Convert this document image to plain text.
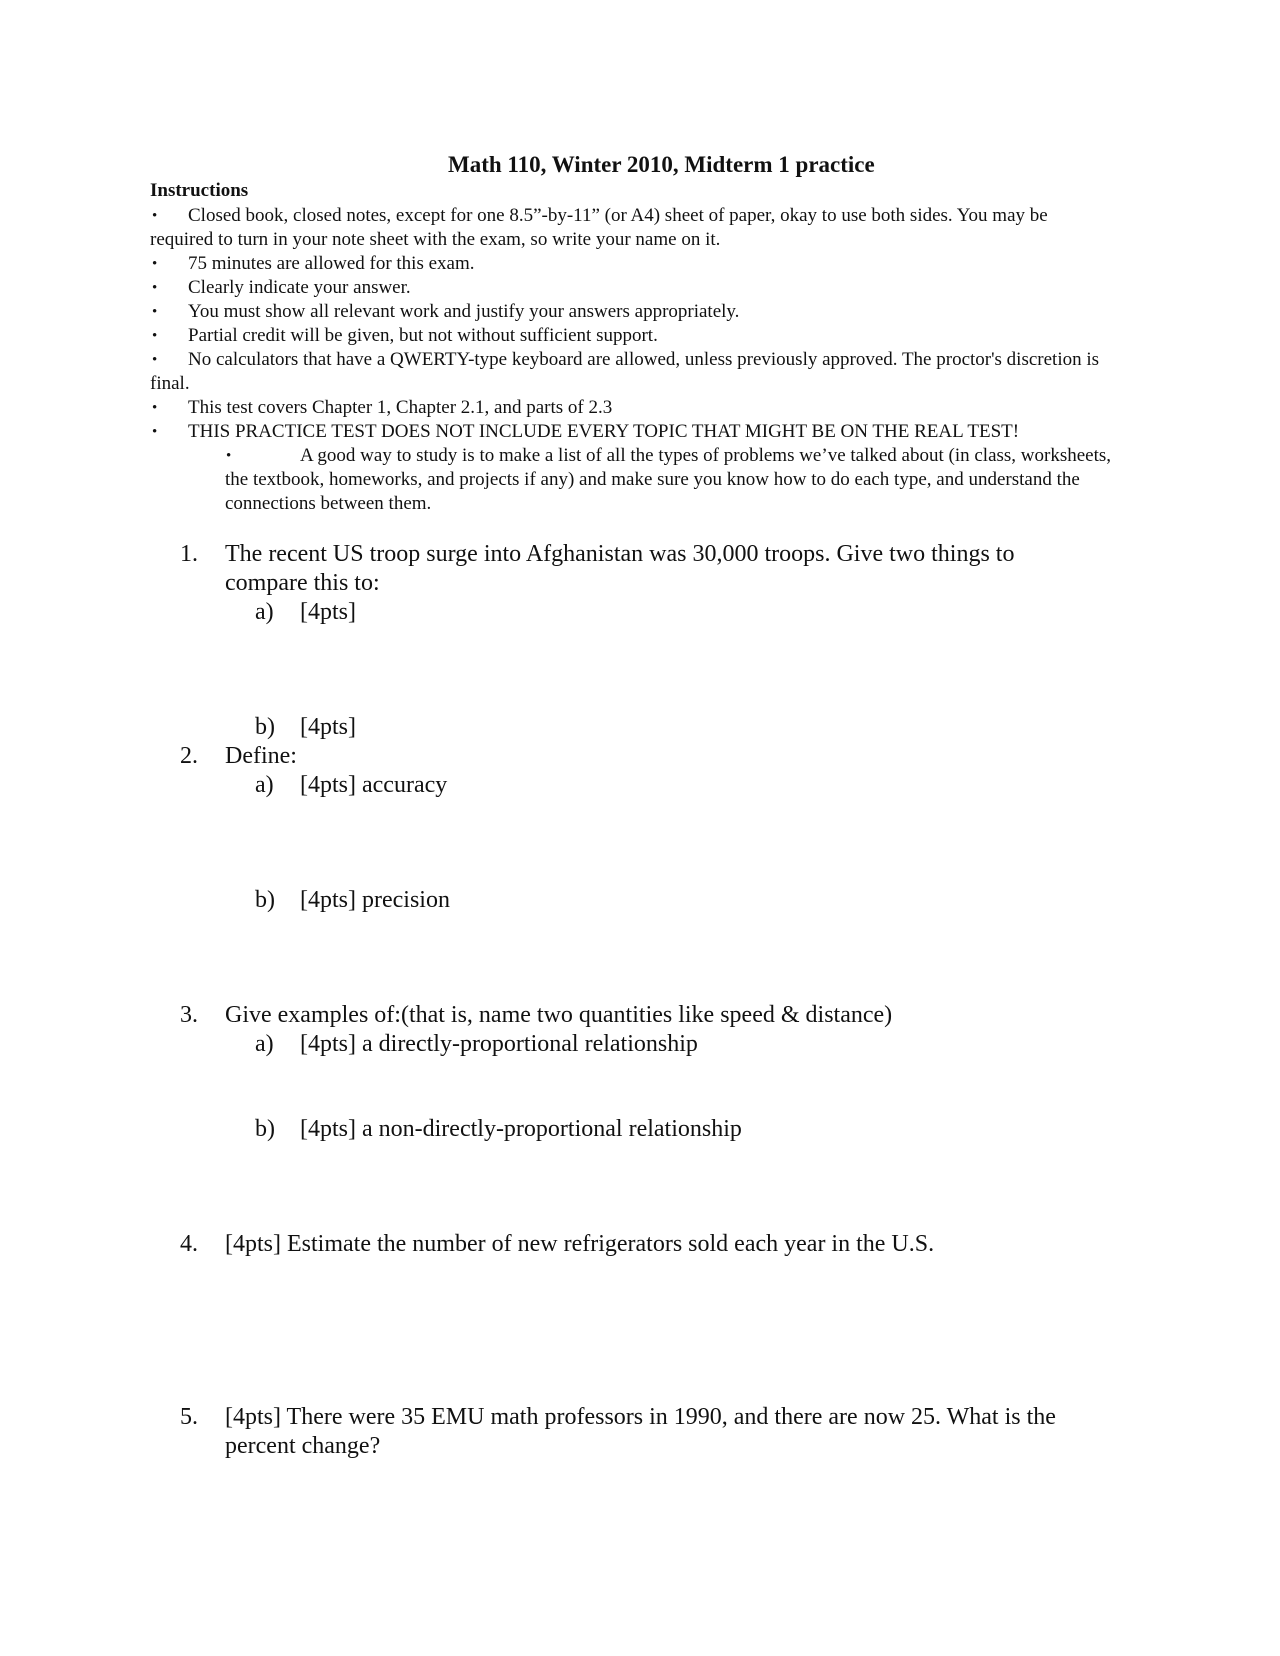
Math 110, Winter 2010, Midterm 1 practice
Instructions
• Closed book, closed notes, except for one 8.5”-by-11” (or A4) sheet of paper, okay to use both sides. You may be
required to turn in your note sheet with the exam, so write your name on it.
• 75 minutes are allowed for this exam.
• Clearly indicate your answer.
• You must show all relevant work and justify your answers appropriately.
• Partial credit will be given, but not without sufficient support.
• No calculators that have a QWERTY-type keyboard are allowed, unless previously approved. The proctor's discretion is
final.
• This test covers Chapter 1, Chapter 2.1, and parts of 2.3
• THIS PRACTICE TEST DOES NOT INCLUDE EVERY TOPIC THAT MIGHT BE ON THE REAL TEST!
•	A good way to study is to make a list of all the types of problems we’ve talked about (in class, worksheets,
the textbook, homeworks, and projects if any) and make sure you know how to do each type, and understand the
connections between them.
1. The recent US troop surge into Afghanistan was 30,000 troops. Give two things to
compare this to:
a) [4pts]
b) [4pts]
2. Define:
a) [4pts] accuracy
b) [4pts] precision
3. Give examples of:(that is, name two quantities like speed & distance)
a) [4pts] a directly-proportional relationship
b) [4pts] a non-directly-proportional relationship
4. [4pts] Estimate the number of new refrigerators sold each year in the U.S.
5. [4pts] There were 35 EMU math professors in 1990, and there are now 25. What is the
percent change?
